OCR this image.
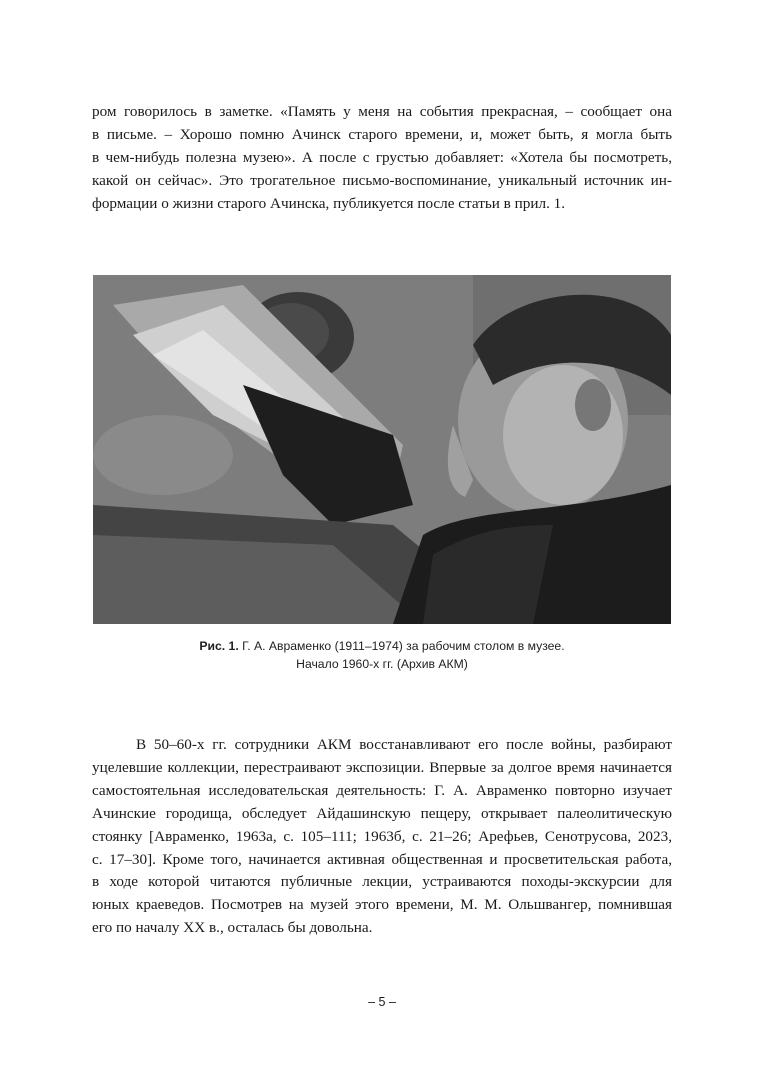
ром говорилось в заметке. «Память у меня на события прекрасная, – сообщает она
в письме. – Хорошо помню Ачинск старого времени, и, может быть, я могла быть
в чем-нибудь полезна музею». А после с грустью добавляет: «Хотела бы посмотреть,
какой он сейчас». Это трогательное письмо-воспоминание, уникальный источник ин-
формации о жизни старого Ачинска, публикуется после статьи в прил. 1.
Рис. 1. Г. А. Авраменко (1911–1974) за рабочим столом в музее.
Начало 1960-х гг. (Архив АКМ)
В 50–60-х гг. сотрудники АКМ восстанавливают его после войны, разбирают
уцелевшие коллекции, перестраивают экспозиции. Впервые за долгое время начинается
самостоятельная исследовательская деятельность: Г. А. Авраменко повторно изучает
Ачинские городища, обследует Айдашинскую пещеру, открывает палеолитическую
стоянку [Авраменко, 1963а, с. 105–111; 1963б, с. 21–26; Арефьев, Сенотрусова, 2023,
с. 17–30]. Кроме того, начинается активная общественная и просветительская работа,
в ходе которой читаются публичные лекции, устраиваются походы-экскурсии для
юных краеведов. Посмотрев на музей этого времени, М. М. Ольшвангер, помнившая
его по началу XX в., осталась бы довольна.
– 5 –
